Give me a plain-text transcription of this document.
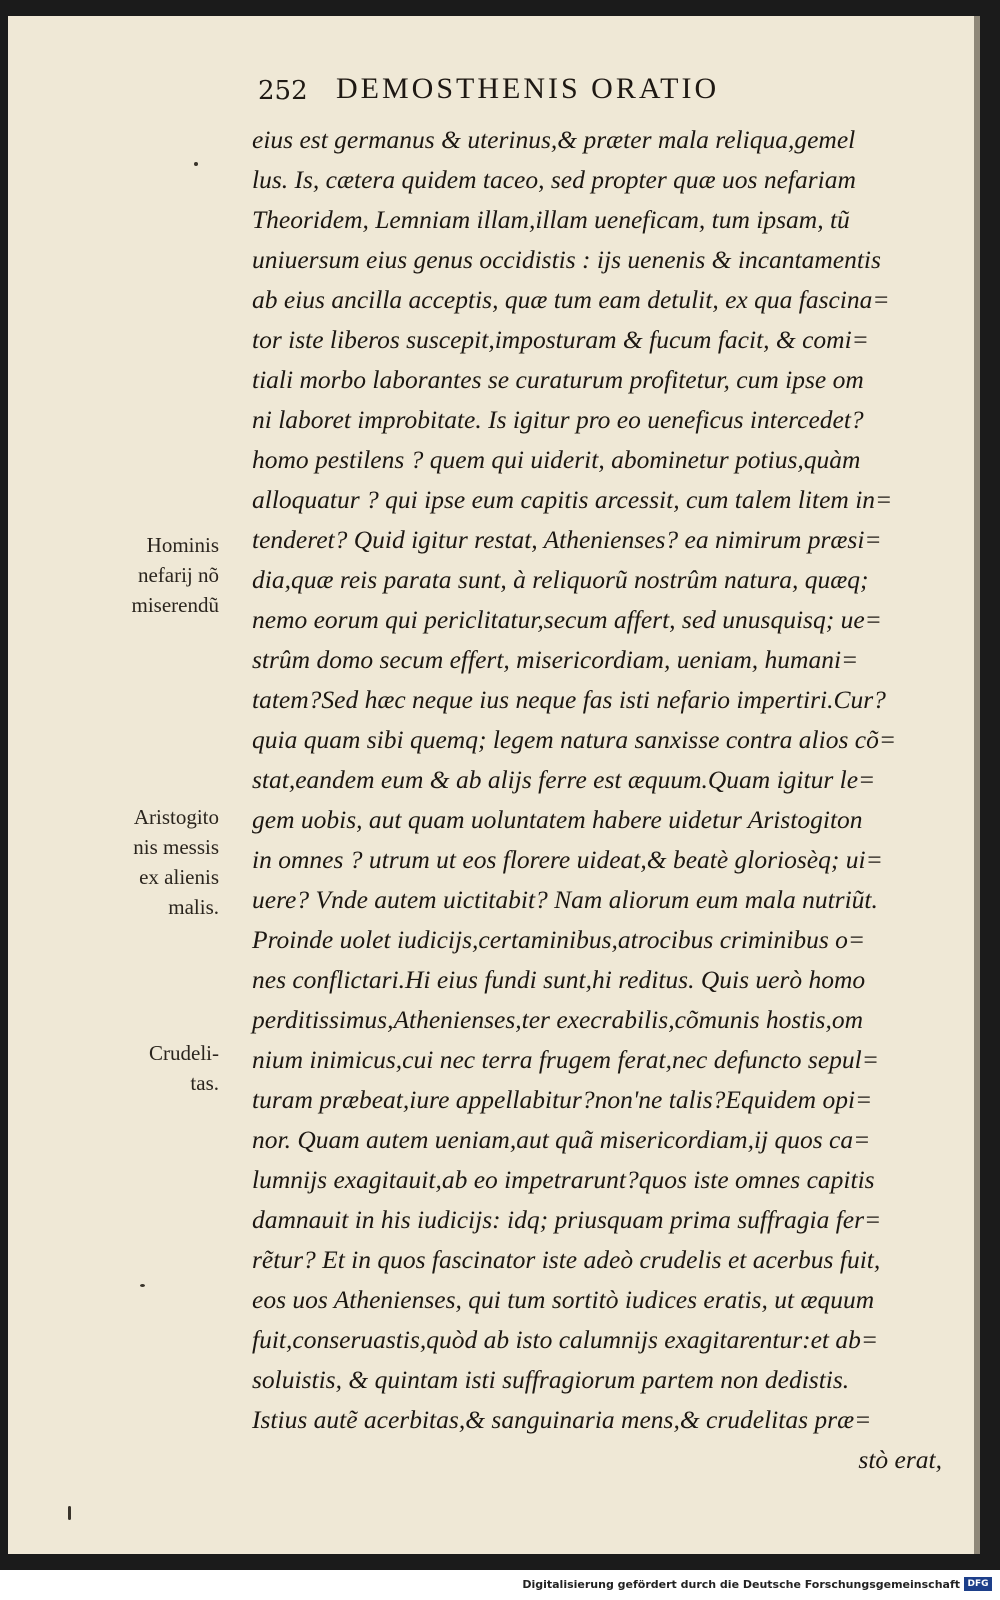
252 DEMOSTHENIS ORATIO
eius est germanus & uterinus,& præter mala reliqua,gemel
lus. Is, cætera quidem taceo, sed propter quæ uos nefariam
Theoridem, Lemniam illam,illam ueneficam, tum ipsam, tũ
uniuersum eius genus occidistis : ijs uenenis & incantamentis
ab eius ancilla acceptis, quæ tum eam detulit, ex qua fascina=
tor iste liberos suscepit,imposturam & fucum facit, & comi=
tiali morbo laborantes se curaturum profitetur, cum ipse om
ni laboret improbitate. Is igitur pro eo ueneficus intercedet?
homo pestilens ? quem qui uiderit, abominetur potius,quàm
alloquatur ? qui ipse eum capitis arcessit, cum talem litem in=
tenderet? Quid igitur restat, Athenienses? ea nimirum præsi=
dia,quæ reis parata sunt, à reliquorũ nostrûm natura, quæq;
nemo eorum qui periclitatur,secum affert, sed unusquisq; ue=
strûm domo secum effert, misericordiam, ueniam, humani=
tatem?Sed hæc neque ius neque fas isti nefario impertiri.Cur?
quia quam sibi quemq; legem natura sanxisse contra alios cõ=
stat,eandem eum & ab alijs ferre est æquum.Quam igitur le=
gem uobis, aut quam uoluntatem habere uidetur Aristogiton
in omnes ? utrum ut eos florere uideat,& beatè gloriosèq; ui=
uere? Vnde autem uictitabit? Nam aliorum eum mala nutriũt.
Proinde uolet iudicijs,certaminibus,atrocibus criminibus o=
nes conflictari.Hi eius fundi sunt,hi reditus. Quis uerò homo
perditissimus,Athenienses,ter execrabilis,cõmunis hostis,om
nium inimicus,cui nec terra frugem ferat,nec defuncto sepul=
turam præbeat,iure appellabitur?non'ne talis?Equidem opi=
nor. Quam autem ueniam,aut quã misericordiam,ij quos ca=
lumnijs exagitauit,ab eo impetrarunt?quos iste omnes capitis
damnauit in his iudicijs: idq; priusquam prima suffragia fer=
rẽtur? Et in quos fascinator iste adeò crudelis et acerbus fuit,
eos uos Athenienses, qui tum sortitò iudices eratis, ut æquum
fuit,conseruastis,quòd ab isto calumnijs exagitarentur:et ab=
soluistis, & quintam isti suffragiorum partem non dedistis.
Istius autẽ acerbitas,& sanguinaria mens,& crudelitas præ=
stò erat,
Hominis
nefarij nõ
miserendũ
Aristogito
nis messis
ex alienis
malis.
Crudeli-
tas.
Digitalisierung gefördert durch die Deutsche Forschungsgemeinschaft DFG
